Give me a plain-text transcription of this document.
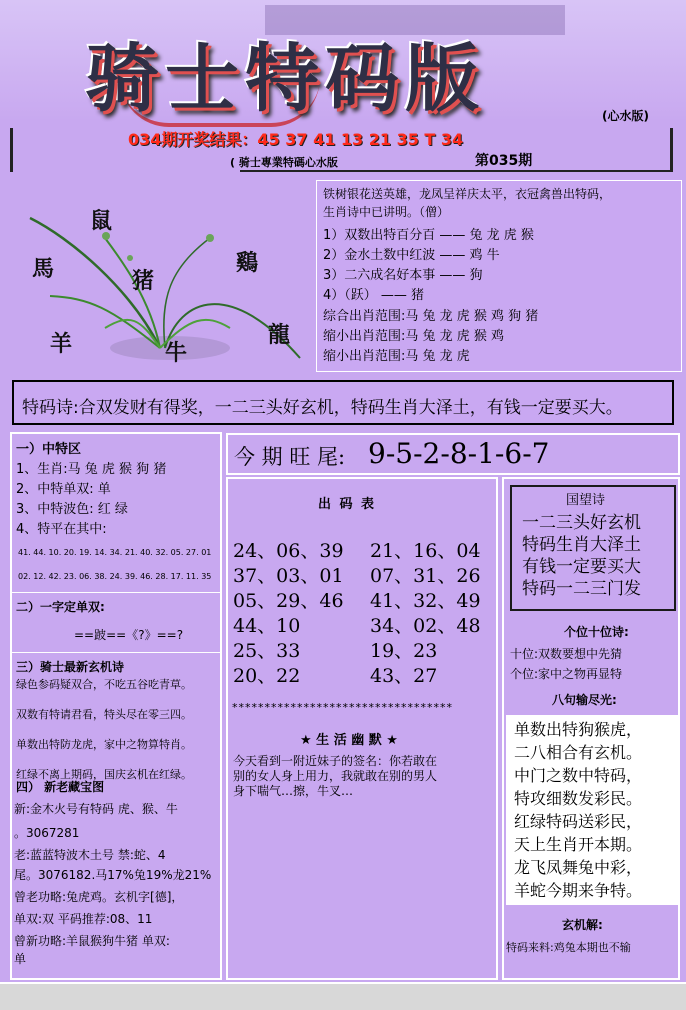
骑士特码版	(心水版)
034期开奖结果：45 37 41 13 21 35 T 34
( 骑士專業特碼心水版	第035期
鼠
馬	猪
鷄
羊	牛
龍
铁树银花送英雄，龙凤呈祥庆太平，衣冠禽兽出特码，
生肖诗中已讲明。（僧）
1）双数出特百分百 —— 兔 龙 虎 猴
2）金水土数中红波 —— 鸡 牛
3）二六成名好本事 —— 狗
4）（跃） —— 猪
综合出肖范围:马 兔 龙 虎 猴 鸡 狗 猪
缩小出肖范围:马 兔 龙 虎 猴 鸡
缩小出肖范围:马 兔 龙 虎
特码诗:合双发财有得奖，一二三头好玄机，特码生肖大泽土，有钱一定要买大。
一）中特区
1、生肖:马 兔 虎 猴 狗 猪
2、中特单双: 单
3、中特波色: 红 绿
4、特平在其中:
41. 44. 10. 20. 19. 14. 34. 21. 40. 32. 05. 27. 01
02. 12. 42. 23. 06. 38. 24. 39. 46. 28. 17. 11. 35
二）一字定单双:
==跛==《?》==?
三）骑士最新玄机诗
绿色参码疑双合，不吃五谷吃青草。
双数有特请君看，特头尽在零三四。
单数出特防龙虎，家中之物算特肖。
红绿不离上期码，国庆玄机在红绿。
四） 新老藏宝图
新:金木火号有特码 虎、猴、牛
。3067281
老:蓝蓝特波木土号 禁:蛇、4
尾。3076182.马17%兔19%龙21%
曾老功略:兔虎鸡。玄机字[德]，
单双:双 平码推荐:08、11
曾新功略:羊鼠猴狗牛猪 单双:
单
今 期 旺 尾: 9-5-2-8-1-6-7
出 码 表
24、06、39 21、16、04
37、03、01 07、31、26
05、29、46 41、32、49
44、10	34、02、48
25、33	19、23
20、22	43、27
**********************************
★ 生 活 幽 默 ★
今天看到一附近妹子的签名：你若敢在
别的女人身上用力，我就敢在别的男人
身下喘气…擦，牛叉…
国望诗
一二三头好玄机
特码生肖大泽土
有钱一定要买大
特码一二三门发
个位十位诗:
十位:双数要想中先猜
个位:家中之物再显特
八句输尽光:
单数出特狗猴虎，
二八相合有玄机。
中门之数中特码，
特攻细数发彩民。
红绿特码送彩民，
天上生肖开本期。
龙飞凤舞兔中彩，
羊蛇今期来争特。
玄机解:
特码来料:鸡兔本期也不输
